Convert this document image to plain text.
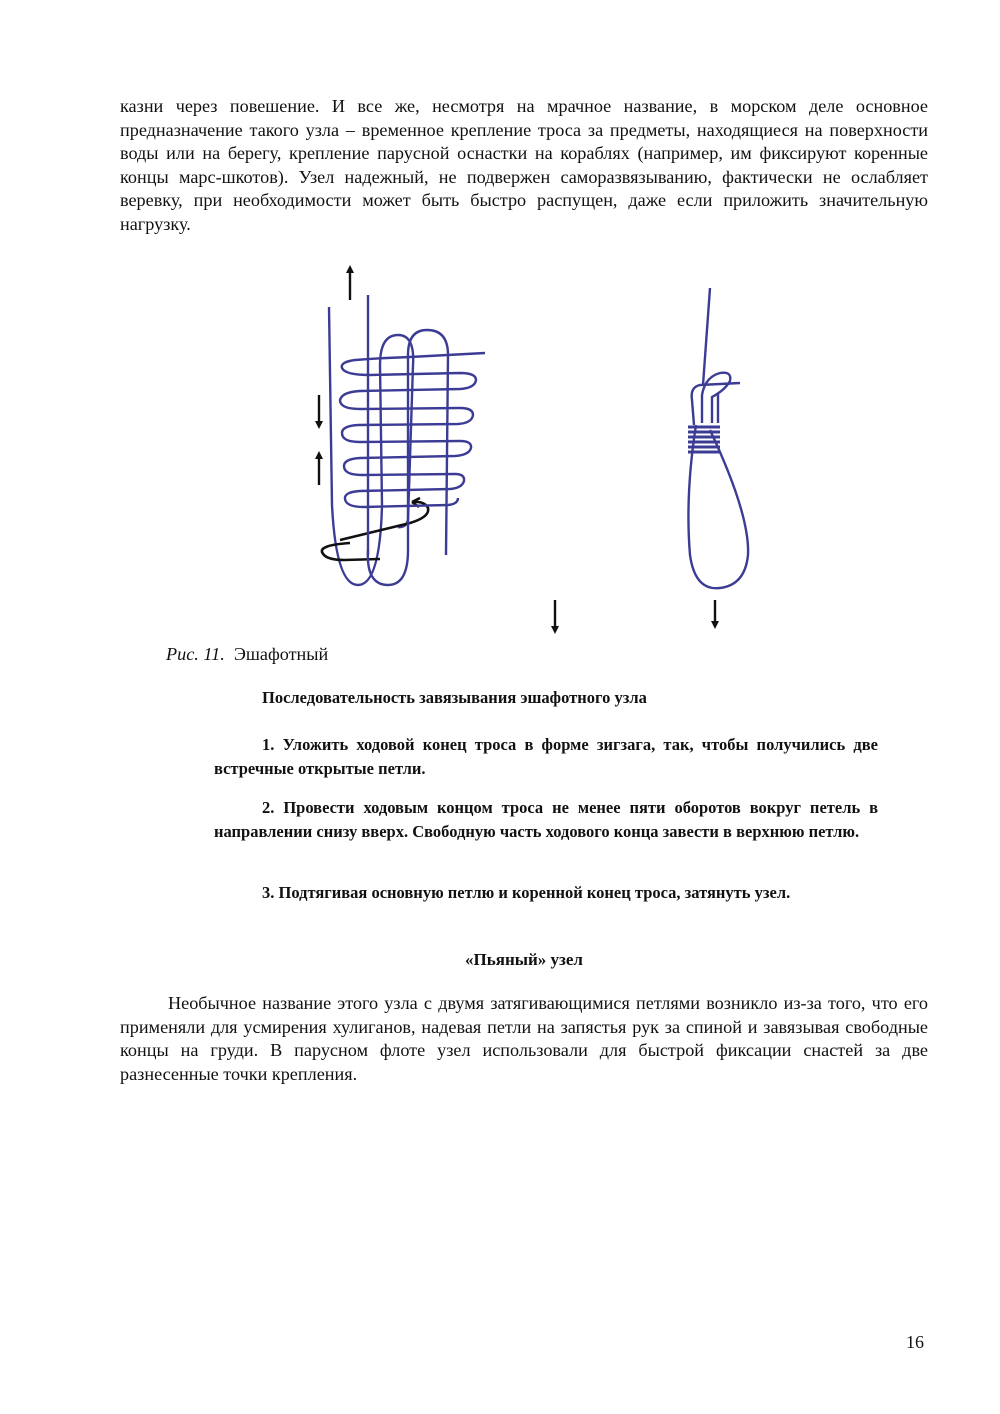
казни через повешение. И все же, несмотря на мрачное название, в морском деле основное предназначение такого узла – временное крепление троса за предметы, находящиеся на поверхности воды или на берегу, крепление парусной оснастки на кораблях (например, им фиксируют коренные концы марс-шкотов). Узел надежный, не подвержен саморазвязыванию, фактически не ослабляет веревку, при необходимости может быть быстро распущен, даже если приложить значительную нагрузку.

Рис. 11. Эшафотный

Последовательность завязывания эшафотного узла

1. Уложить ходовой конец троса в форме зигзага, так, чтобы получились две встречные открытые петли.

2. Провести ходовым концом троса не менее пяти оборотов вокруг петель в направлении снизу вверх. Свободную часть ходового конца завести в верхнюю петлю.

3. Подтягивая основную петлю и коренной конец троса, затянуть узел.

«Пьяный» узел

Необычное название этого узла с двумя затягивающимися петлями возникло из-за того, что его применяли для усмирения хулиганов, надевая петли на запястья рук за спиной и завязывая свободные концы на груди. В парусном флоте узел использовали для быстрой фиксации снастей за две разнесенные точки крепления.

16
